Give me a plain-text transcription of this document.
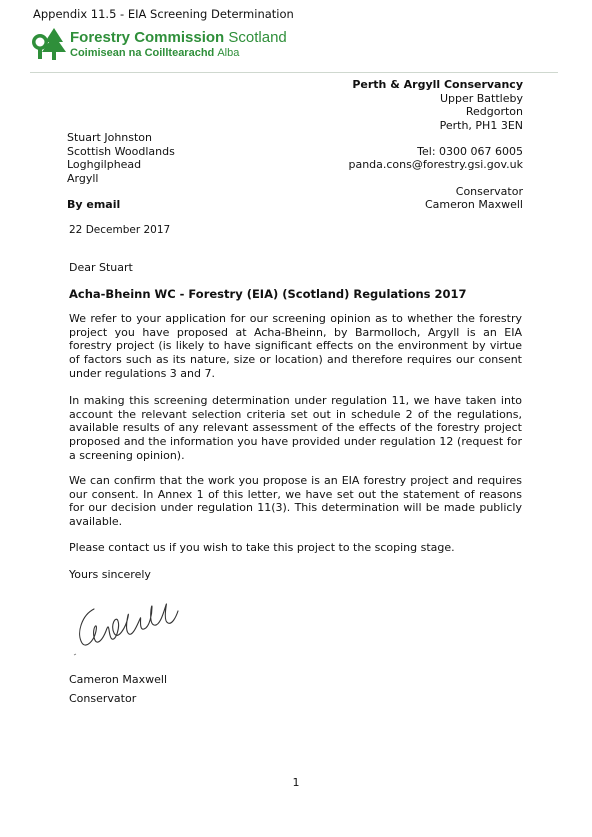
Appendix 11.5 - EIA Screening Determination
Forestry Commission Scotland
Coimisean na Coilltearachd Alba
Perth & Argyll Conservancy
Upper Battleby
Redgorton
Perth, PH1 3EN
Tel: 0300 067 6005
panda.cons@forestry.gsi.gov.uk
Conservator
Cameron Maxwell
Stuart Johnston
Scottish Woodlands
Loghgilphead
Argyll
By email
22 December 2017
Dear Stuart
Acha-Bheinn WC - Forestry (EIA) (Scotland) Regulations 2017
We refer to your application for our screening opinion as to whether the forestry project you have proposed at Acha-Bheinn, by Barmolloch, Argyll is an EIA forestry project (is likely to have significant effects on the environment by virtue of factors such as its nature, size or location) and therefore requires our consent under regulations 3 and 7.
In making this screening determination under regulation 11, we have taken into account the relevant selection criteria set out in schedule 2 of the regulations, available results of any relevant assessment of the effects of the forestry project proposed and the information you have provided under regulation 12 (request for a screening opinion).
We can confirm that the work you propose is an EIA forestry project and requires our consent. In Annex 1 of this letter, we have set out the statement of reasons for our decision under regulation 11(3). This determination will be made publicly available.
Please contact us if you wish to take this project to the scoping stage.
Yours sincerely
Cameron Maxwell
Conservator
1
